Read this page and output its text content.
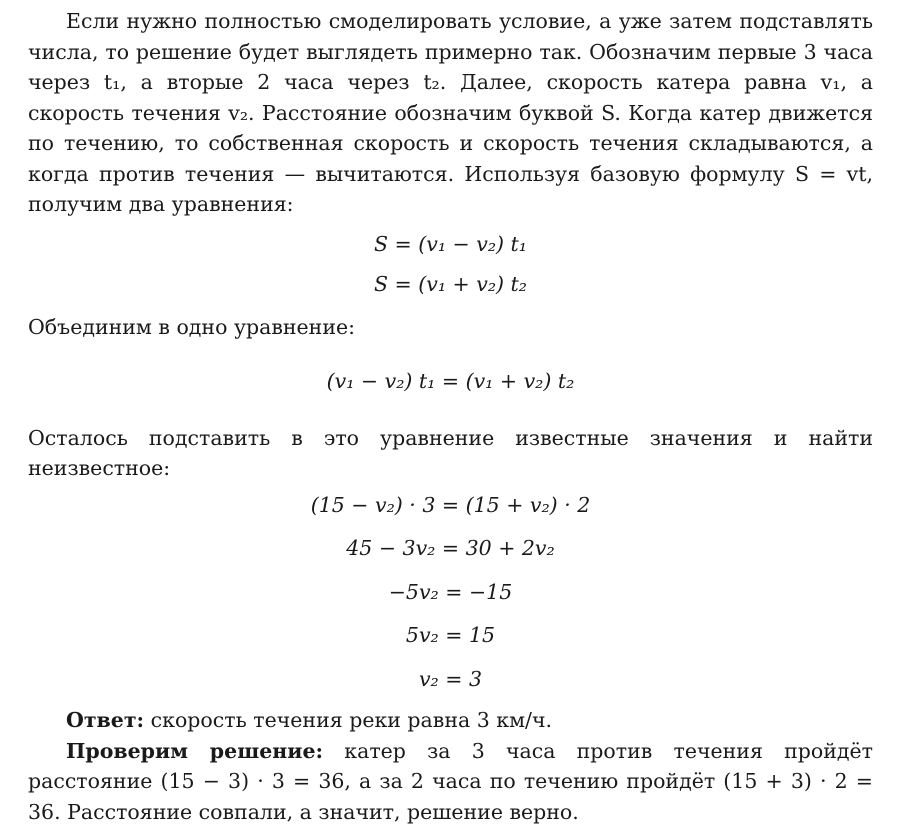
Если нужно полностью смоделировать условие, а уже затем подставлять числа, то решение будет выглядеть примерно так. Обозначим первые 3 часа через t₁, а вторые 2 часа через t₂. Далее, скорость катера равна v₁, а скорость течения v₂. Расстояние обозначим буквой S. Когда катер движется по течению, то собственная скорость и скорость течения складываются, а когда против течения — вычитаются. Используя базовую формулу S = vt, получим два уравнения:

S = (v₁ − v₂) t₁
S = (v₁ + v₂) t₂

Объединим в одно уравнение:

(v₁ − v₂) t₁ = (v₁ + v₂) t₂

Осталось подставить в это уравнение известные значения и найти неизвестное:

(15 − v₂) · 3 = (15 + v₂) · 2
45 − 3v₂ = 30 + 2v₂
−5v₂ = −15
5v₂ = 15
v₂ = 3

Ответ: скорость течения реки равна 3 км/ч.

Проверим решение: катер за 3 часа против течения пройдёт расстояние (15 − 3) · 3 = 36, а за 2 часа по течению пройдёт (15 + 3) · 2 = 36. Расстояние совпали, а значит, решение верно.
